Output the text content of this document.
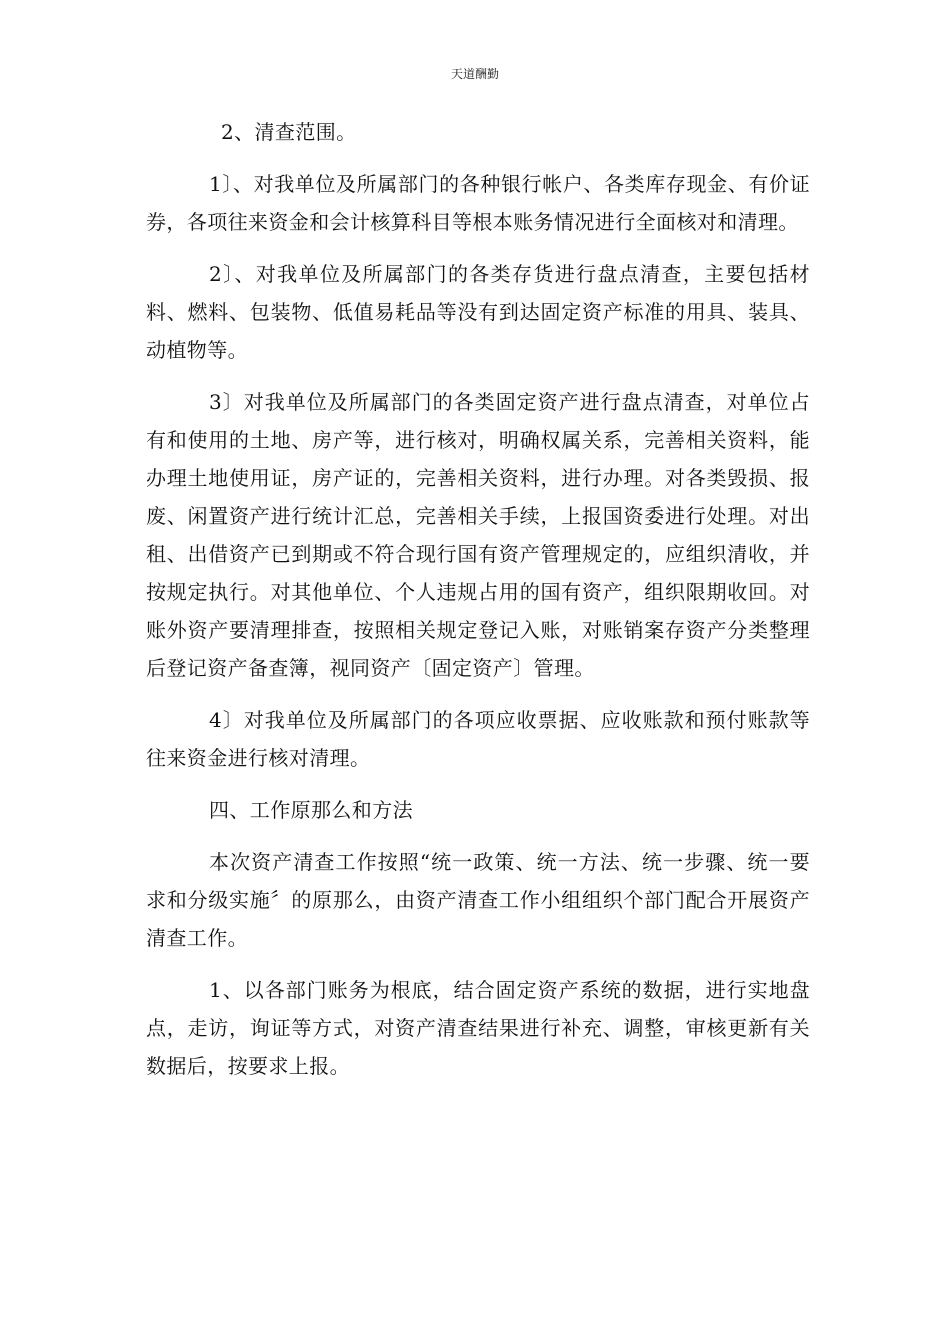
天道酬勤

2、清查范围。

1〕、对我单位及所属部门的各种银行帐户、各类库存现金、有价证券，各项往来资金和会计核算科目等根本账务情况进行全面核对和清理。

2〕、对我单位及所属部门的各类存货进行盘点清查，主要包括材料、燃料、包装物、低值易耗品等没有到达固定资产标准的用具、装具、动植物等。

3〕对我单位及所属部门的各类固定资产进行盘点清查，对单位占有和使用的土地、房产等，进行核对，明确权属关系，完善相关资料，能办理土地使用证，房产证的，完善相关资料，进行办理。对各类毁损、报废、闲置资产进行统计汇总，完善相关手续，上报国资委进行处理。对出租、出借资产已到期或不符合现行国有资产管理规定的，应组织清收，并按规定执行。对其他单位、个人违规占用的国有资产，组织限期收回。对账外资产要清理排查，按照相关规定登记入账，对账销案存资产分类整理后登记资产备查簿，视同资产〔固定资产〕管理。

4〕对我单位及所属部门的各项应收票据、应收账款和预付账款等往来资金进行核对清理。

四、工作原那么和方法

本次资产清查工作按照“统一政策、统一方法、统一步骤、统一要求和分级实施〞的原那么，由资产清查工作小组组织个部门配合开展资产清查工作。

1、以各部门账务为根底，结合固定资产系统的数据，进行实地盘点，走访，询证等方式，对资产清查结果进行补充、调整，审核更新有关数据后，按要求上报。
